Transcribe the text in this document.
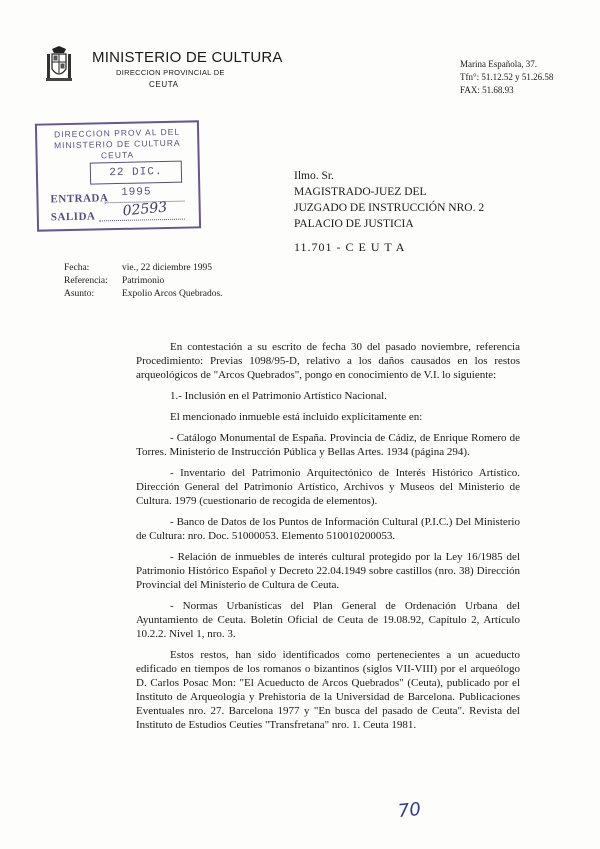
MINISTERIO DE CULTURA
DIRECCION PROVINCIAL DE
CEUTA
Marina Española, 37.
Tfn°: 51.12.52 y 51.26.58
FAX: 51.68.93
DIRECCION PROV AL DEL
MINISTERIO DE CULTURA
CEUTA
22 DIC. 1995
ENTRADA
SALIDA 02593
Ilmo. Sr.
MAGISTRADO-JUEZ DEL
JUZGADO DE INSTRUCCIÓN NRO. 2
PALACIO DE JUSTICIA
11.701 - C E U T A
Fecha:	vie., 22 diciembre 1995
Referencia: Patrimonio
Asunto:	Expolio Arcos Quebrados.

En contestación a su escrito de fecha 30 del pasado noviembre, referencia Procedimiento: Previas 1098/95-D, relativo a los daños causados en los restos arqueológicos de "Arcos Quebrados", pongo en conocimiento de V.I. lo siguiente:

1.- Inclusión en el Patrimonio Artístico Nacional.

El mencionado inmueble está incluido explícitamente en:

- Catálogo Monumental de España. Provincia de Cádiz, de Enrique Romero de Torres. Ministerio de Instrucción Pública y Bellas Artes. 1934 (página 294).

- Inventario del Patrimonio Arquitectónico de Interés Histórico Artístico. Dirección General del Patrimonio Artístico, Archivos y Museos del Ministerio de Cultura. 1979 (cuestionario de recogida de elementos).

- Banco de Datos de los Puntos de Información Cultural (P.I.C.) Del Ministerio de Cultura: nro. Doc. 51000053. Elemento 510010200053.

- Relación de inmuebles de interés cultural protegido por la Ley 16/1985 del Patrimonio Histórico Español y Decreto 22.04.1949 sobre castillos (nro. 38) Dirección Provincial del Ministerio de Cultura de Ceuta.

- Normas Urbanísticas del Plan General de Ordenación Urbana del Ayuntamiento de Ceuta. Boletín Oficial de Ceuta de 19.08.92, Capítulo 2, Artículo 10.2.2. Nivel 1, nro. 3.

Estos restos, han sido identificados como pertenecientes a un acueducto edificado en tiempos de los romanos o bizantinos (siglos VII-VIII) por el arqueólogo D. Carlos Posac Mon: "El Acueducto de Arcos Quebrados" (Ceuta), publicado por el Instituto de Arqueología y Prehistoria de la Universidad de Barcelona. Publicaciones Eventuales nro. 27. Barcelona 1977 y "En busca del pasado de Ceuta". Revista del Instituto de Estudios Ceutíes "Transfretana" nro. 1. Ceuta 1981.

70
